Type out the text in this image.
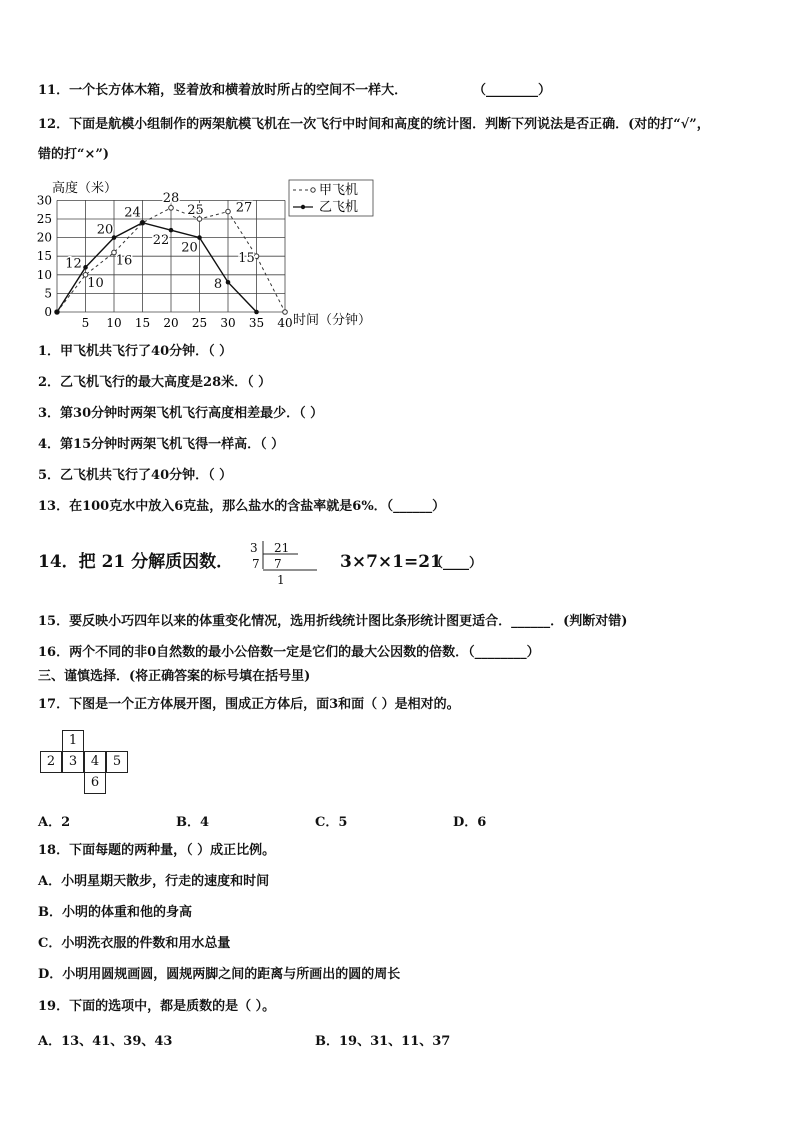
11．一个长方体木箱，竖着放和横着放时所占的空间不一样大．	（________）
12．下面是航模小组制作的两架航模飞机在一次飞行中时间和高度的统计图．判断下列说法是否正确．(对的打“√”，
错的打“×”)
高度（米）
时间（分钟）
0
5
10
15
20
25
30
5 10 15 20 25 30 35 40
10
16
28
25 27
15
12
20
24
22 20
8
甲飞机
乙飞机
1．甲飞机共飞行了40分钟．（ ）
2．乙飞机飞行的最大高度是28米．（ ）
3．第30分钟时两架飞机飞行高度相差最少．（ ）
4．第15分钟时两架飞机飞得一样高．（ ）
5．乙飞机共飞行了40分钟．（ ）
13．在100克水中放入6克盐，那么盐水的含盐率就是6%．（______）
14．把 21 分解质因数．
3 21
7 7
1
3×7×1=21
（____）
15．要反映小巧四年以来的体重变化情况，选用折线统计图比条形统计图更适合．______．(判断对错)
16．两个不同的非0自然数的最小公倍数一定是它们的最大公因数的倍数．（________）
三、谨慎选择．(将正确答案的标号填在括号里)
17．下图是一个正方体展开图，围成正方体后，面3和面（ ）是相对的。
1
2	3	4	5
6
A．2	B．4	C．5	D．6
18．下面每题的两种量，（ ）成正比例。
A．小明星期天散步，行走的速度和时间
B．小明的体重和他的身高
C．小明洗衣服的件数和用水总量
D．小明用圆规画圆，圆规两脚之间的距离与所画出的圆的周长
19．下面的选项中，都是质数的是（ ）。
A．13、41、39、43	B．19、31、11、37
